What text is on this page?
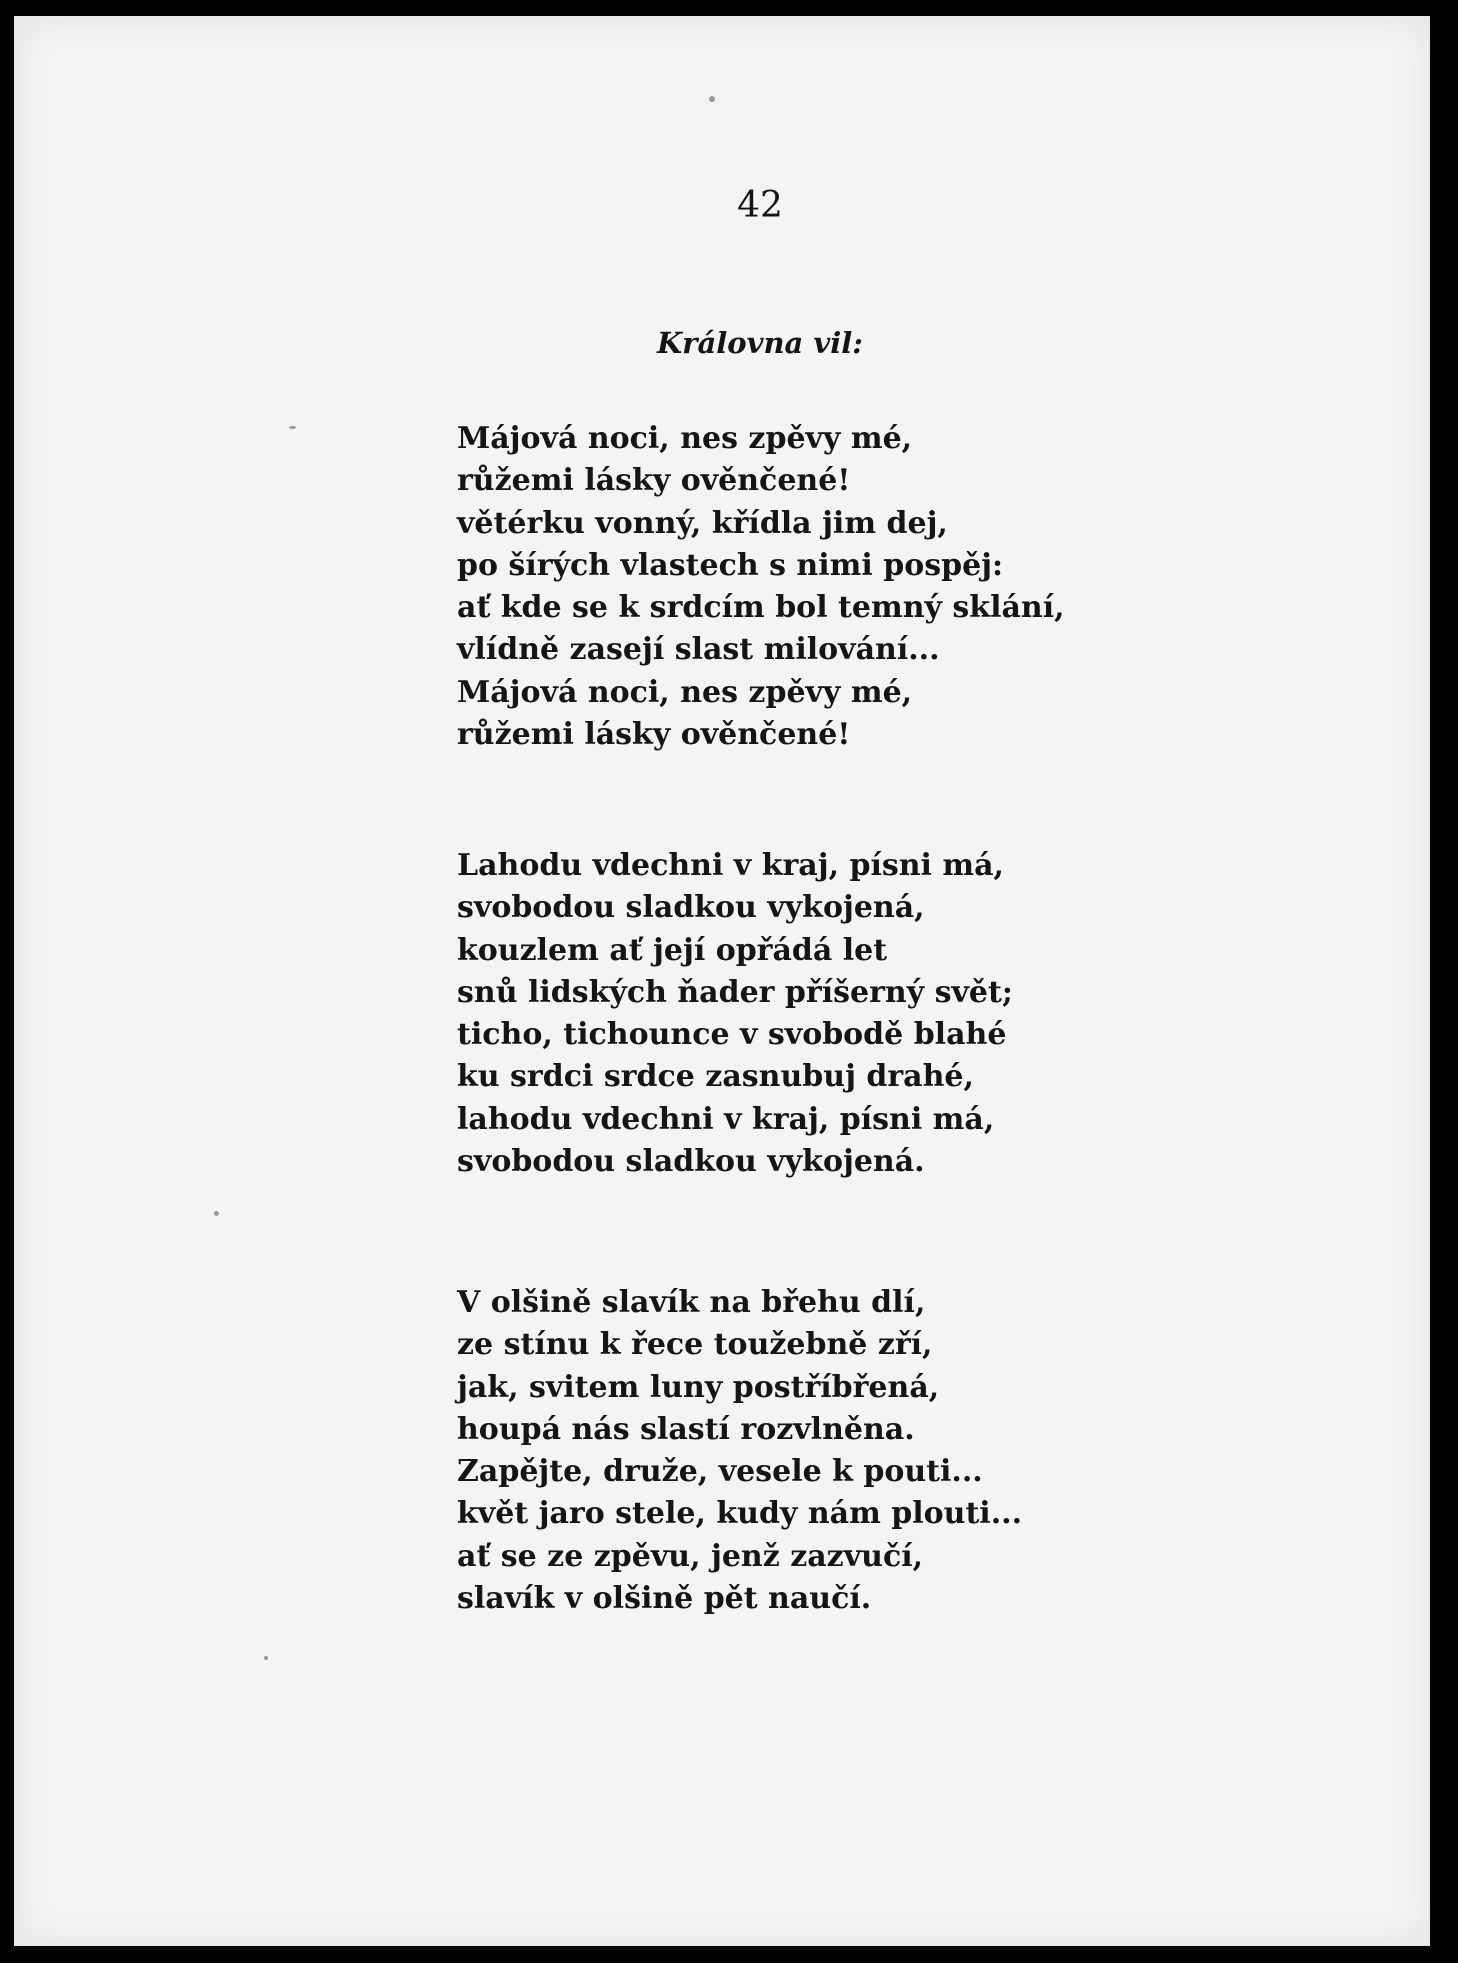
42
Královna vil:
Májová noci, nes zpěvy mé,
růžemi lásky ověnčené!
větérku vonný, křídla jim dej,
po šírých vlastech s nimi pospěj:
ať kde se k srdcím bol temný sklání,
vlídně zasejí slast milování...
Májová noci, nes zpěvy mé,
růžemi lásky ověnčené!
Lahodu vdechni v kraj, písni má,
svobodou sladkou vykojená,
kouzlem ať její opřádá let
snů lidských ňader příšerný svět;
ticho, tichounce v svobodě blahé
ku srdci srdce zasnubuj drahé,
lahodu vdechni v kraj, písni má,
svobodou sladkou vykojená.
V olšině slavík na břehu dlí,
ze stínu k řece toužebně zří,
jak, svitem luny postříbřená,
houpá nás slastí rozvlněna.
Zapějte, druže, vesele k pouti...
květ jaro stele, kudy nám plouti...
ať se ze zpěvu, jenž zazvučí,
slavík v olšině pět naučí.
